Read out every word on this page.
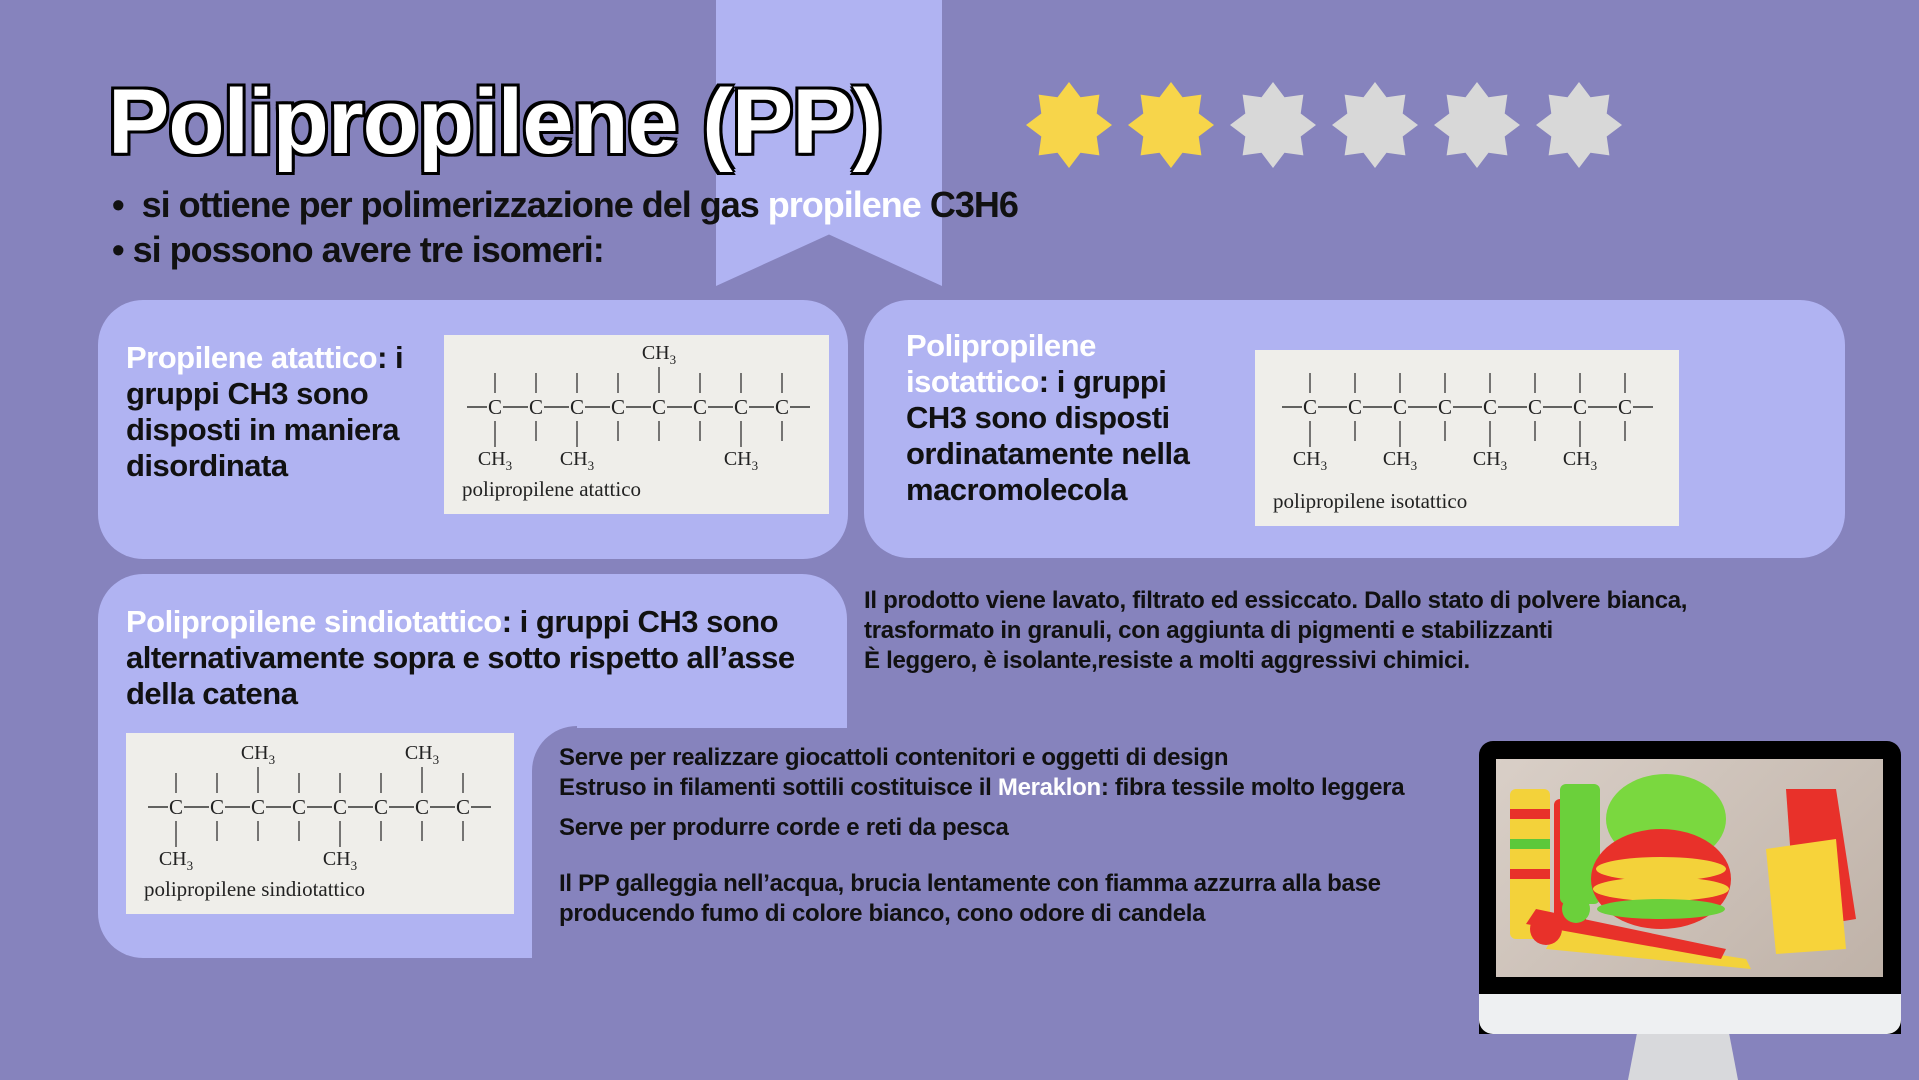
Polipropilene (PP)
•  si ottiene per polimerizzazione del gas propilene C3H6
• si possono avere tre isomeri:
Propilene atattico: i gruppi CH3 sono disposti in maniera disordinata
C
$CH_3$
C C
$CH_3$
C C
$CH_3$
C C
$CH_3$
C
polipropilene atattico
Polipropilene isotattico: i gruppi CH3 sono disposti ordinatamente nella macromolecola
C
$CH_3$
C C
$CH_3$
C C
$CH_3$
C C
$CH_3$
C
polipropilene isotattico
Polipropilene sindiotattico: i gruppi CH3 sono alternativamente sopra e sotto rispetto all’asse della catena
C
$CH_3$
C C
$CH_3$
C C
$CH_3$
C C
$CH_3$
C
polipropilene sindiotattico
Il prodotto viene lavato, filtrato ed essiccato. Dallo stato di polvere bianca,
trasformato in granuli, con aggiunta di pigmenti e stabilizzanti
È leggero, è isolante,resiste a molti aggressivi chimici.
Serve per realizzare giocattoli contenitori e oggetti di design
Estruso in filamenti sottili costituisce il Meraklon: fibra tessile molto leggera
Serve per produrre corde e reti da pesca
Il PP galleggia nell’acqua, brucia lentamente con fiamma azzurra alla base producendo fumo di colore bianco, cono odore di candela
